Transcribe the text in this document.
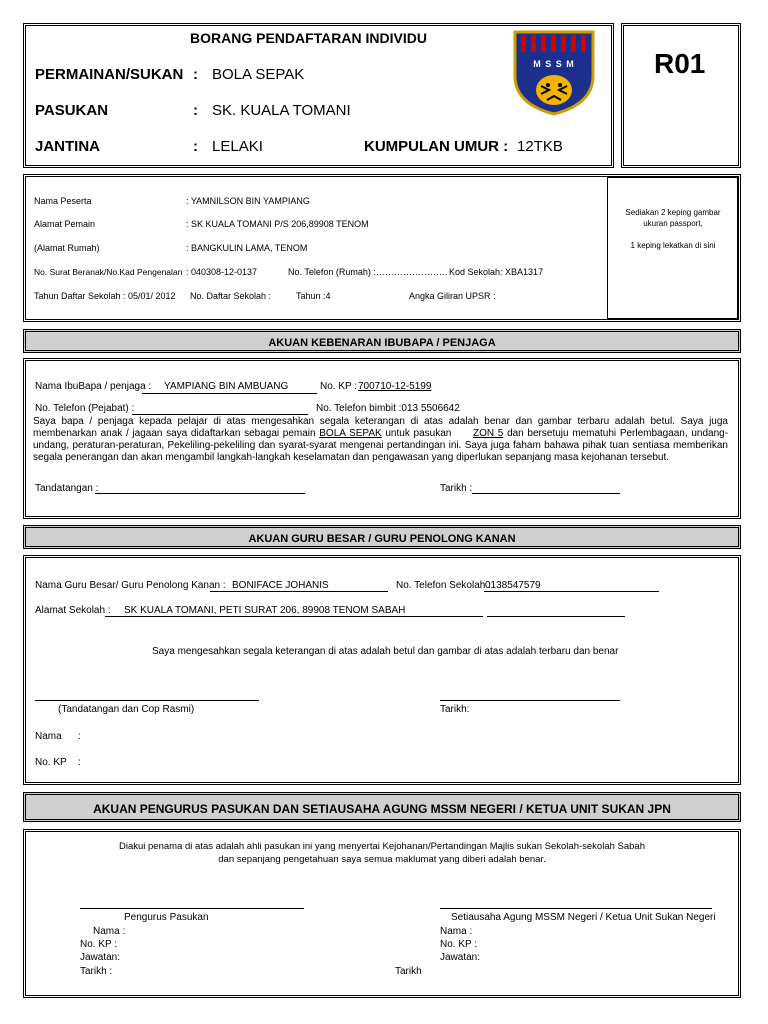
R01
BORANG PENDAFTARAN INDIVIDU
PERMAINAN/SUKAN : BOLA SEPAK
PASUKAN	: SK. KUALA TOMANI
JANTINA	: LELAKI	KUMPULAN UMUR : 12TKB
M S S M
Sediakan 2 keping gambar
ukuran passport,
1 keping lekatkan di sini
Nama Peserta	: YAMNILSON BIN YAMPIANG
Alamat Pemain	: SK KUALA TOMANI P/S 206,89908 TENOM
(Alamat Rumah)	: BANGKULIN LAMA, TENOM
No. Surat Beranak/No.Kad Pengenalan : 040308-12-0137	No. Telefon (Rumah) :…………………… Kod Sekolah: XBA1317
Tahun Daftar Sekolah : 05/01/ 2012 No. Daftar Sekolah :	Tahun :4	Angka Giliran UPSR :
AKUAN KEBENARAN IBUBAPA / PENJAGA
Nama IbuBapa / penjaga : YAMPIANG BIN AMBUANG	No. KP : 700710-12-5199
No. Telefon (Pejabat) :	No. Telefon bimbit :013 5506642
Saya bapa / penjaga kepada pelajar di atas mengesahkan segala keterangan di atas adalah benar dan gambar terbaru adalah betul. Saya juga membenarkan anak / jagaan saya didaftarkan sebagai pemain BOLA SEPAK untuk pasukan ZON 5 dan bersetuju mematuhi Perlembagaan, undang-undang, peraturan-peraturan, Pekeliling-pekeliling dan syarat-syarat mengenai pertandingan ini. Saya juga faham bahawa pihak tuan sentiasa memberikan segala penerangan dan akan mengambil langkah-langkah keselamatan dan pengawasan yang diperlukan sepanjang masa kejohanan tersebut.
Tandatangan :	Tarikh :
AKUAN GURU BESAR / GURU PENOLONG KANAN
Nama Guru Besar/ Guru Penolong Kanan : BONIFACE JOHANIS	No. Telefon Sekolah :
0138547579
Alamat Sekolah : SK KUALA TOMANI, PETI SURAT 206, 89908 TENOM SABAH
Saya mengesahkan segala keterangan di atas adalah betul dan gambar di atas adalah terbaru dan benar
(Tandatangan dan Cop Rasmi)	Tarikh:
Nama :
No. KP :
AKUAN PENGURUS PASUKAN DAN SETIAUSAHA AGUNG MSSM NEGERI / KETUA UNIT SUKAN JPN
Diakui penama di atas adalah ahli pasukan ini yang menyertai Kejohanan/Pertandingan Majlis sukan Sekolah-sekolah Sabah
dan sepanjang pengetahuan saya semua maklumat yang diberi adalah benar.
Pengurus Pasukan
Nama :
No. KP :
Jawatan:
Tarikh :
Setiausaha Agung MSSM Negeri / Ketua Unit Sukan Negeri
Nama :
No. KP :
Jawatan:
Tarikh
